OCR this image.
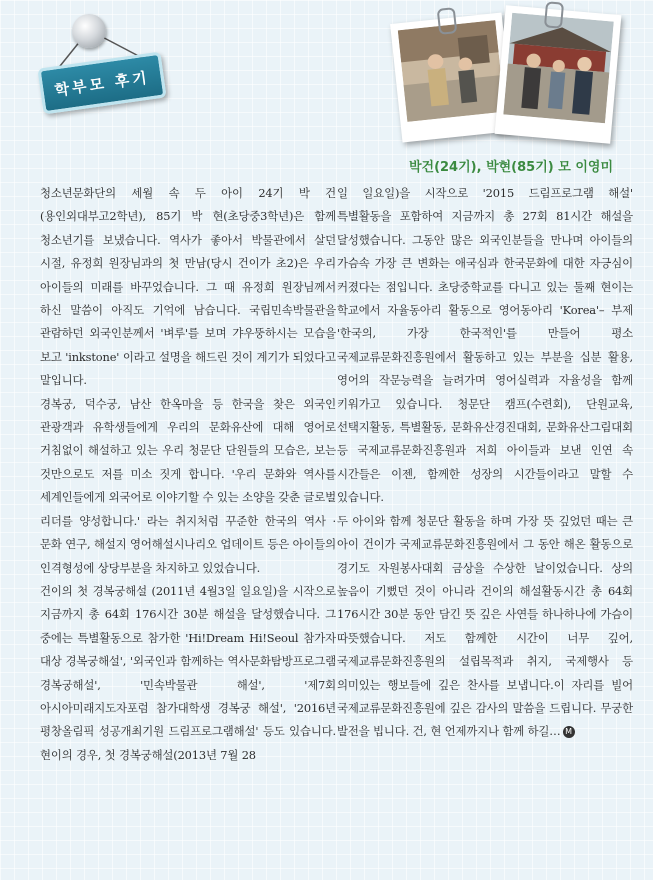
학부모 후기
박건(24기), 박현(85기) 모 이영미

청소년문화단의 세월 속 두 아이 24기 박 건(용인외대부고2학년), 85기 박 현(초당중3학년)은 함께 청소년기를 보냈습니다. 역사가 좋아서 박물관에서 살던 시절, 유정희 원장님과의 첫 만남(당시 건이가 초2)은 우리 아이들의 미래를 바꾸었습니다. 그 때 유정희 원장님께서 하신 말씀이 아직도 기억에 남습니다. 국립민속박물관을 관람하던 외국인분께서 '벼루'를 보며 갸우뚱하시는 모습을 보고 'inkstone' 이라고 설명을 해드린 것이 계기가 되었다고 말입니다.

경복궁, 덕수궁, 남산 한옥마을 등 한국을 찾은 외국인 관광객과 유학생들에게 우리의 문화유산에 대해 영어로 거침없이 해설하고 있는 우리 청문단 단원들의 모습은, 보는 것만으로도 저를 미소 짓게 합니다. '우리 문화와 역사를 세계인들에게 외국어로 이야기할 수 있는 소양을 갖춘 글로벌 리더를 양성합니다.' 라는 취지처럼 꾸준한 한국의 역사 · 문화 연구, 해설지 영어해설시나리오 업데이트 등은 아이들의 인격형성에 상당부분을 차지하고 있었습니다.

건이의 첫 경복궁해설 (2011년 4월3일 일요일)을 시작으로 지금까지 총 64회 176시간 30분 해설을 달성했습니다. 그 중에는 특별활동으로 참가한 'Hi!Dream Hi!Seoul 참가자 대상 경복궁해설', '외국인과 함께하는 역사문화탐방프로그램 경복궁해설', '민속박물관 해설', '제7회 아시아미래지도자포럼 참가대학생 경복궁 해설', '2016년 평창올림픽 성공개최기원 드림프로그램해설' 등도 있습니다. 현이의 경우, 첫 경복궁해설(2013년 7월 28

일 일요일)을 시작으로 '2015 드림프로그램 해설' 특별활동을 포함하여 지금까지 총 27회 81시간 해설을 달성했습니다. 그동안 많은 외국인분들을 만나며 아이들의 가슴속 가장 큰 변화는 애국심과 한국문화에 대한 자긍심이 커졌다는 점입니다. 초당중학교를 다니고 있는 둘째 현이는 학교에서 자율동아리 활동으로 영어동아리 'Korea'– 부제 '한국의, 가장 한국적인'를 만들어 평소 국제교류문화진흥원에서 활동하고 있는 부분을 십분 활용, 영어의 작문능력을 늘려가며 영어실력과 자율성을 함께 키워가고 있습니다. 청문단 캠프(수련회), 단원교육, 선택지활동, 특별활동, 문화유산경진대회, 문화유산그림대회 등 국제교류문화진흥원과 저희 아이들과 보낸 인연 속 시간들은 이젠, 함께한 성장의 시간들이라고 말할 수 있습니다.

두 아이와 함께 청문단 활동을 하며 가장 뜻 깊었던 때는 큰 아이 건이가 국제교류문화진흥원에서 그 동안 해온 활동으로 경기도 자원봉사대회 금상을 수상한 날이었습니다. 상의 높음이 기뻤던 것이 아니라 건이의 해설활동시간 총 64회 176시간 30분 동안 담긴 뜻 깊은 사연들 하나하나에 가슴이 따뜻했습니다. 저도 함께한 시간이 너무 깊어, 국제교류문화진흥원의 설립목적과 취지, 국제행사 등 의미있는 행보들에 깊은 찬사를 보냅니다.이 자리를 빌어 국제교류문화진흥원에 깊은 감사의 말씀을 드립니다. 무궁한 발전을 빕니다. 건, 현 언제까지나 함께 하길… M
